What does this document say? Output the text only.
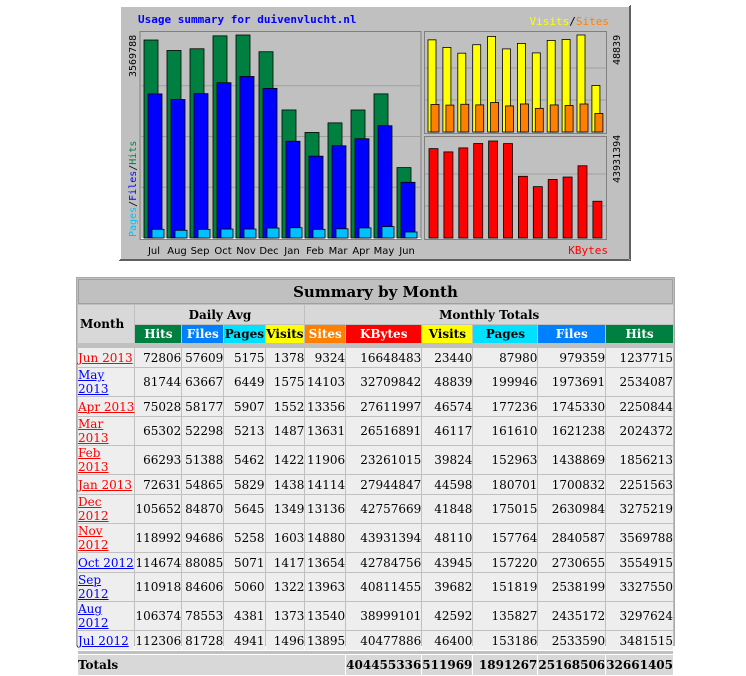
Usage summary for duivenvlucht.nl	Visits/Sites
Jul Aug Sep Oct Nov Dec Jan Feb Mar Apr May Jun
3569788
Pages/Files/Hits
48839
43931394
KBytes
Summary by Month										
Month	Daily Avg				Monthly Totals					
	Hits	Files	Pages	Visits	Sites	KBytes	Visits	Pages	Files	Hits

Jun 2013	72806	57609	5175	1378	9324	16648483	23440	87980	979359	1237715
May 2013	81744	63667	6449	1575	14103	32709842	48839	199946	1973691	2534087
Apr 2013	75028	58177	5907	1552	13356	27611997	46574	177236	1745330	2250844
Mar 2013	65302	52298	5213	1487	13631	26516891	46117	161610	1621238	2024372
Feb 2013	66293	51388	5462	1422	11906	23261015	39824	152963	1438869	1856213
Jan 2013	72631	54865	5829	1438	14114	27944847	44598	180701	1700832	2251563
Dec 2012	105652	84870	5645	1349	13136	42757669	41848	175015	2630984	3275219
Nov 2012	118992	94686	5258	1603	14880	43931394	48110	157764	2840587	3569788
Oct 2012	114674	88085	5071	1417	13654	42784756	43945	157220	2730655	3554915
Sep 2012	110918	84606	5060	1322	13963	40811455	39682	151819	2538199	3327550
Aug 2012	106374	78553	4381	1373	13540	38999101	42592	135827	2435172	3297624
Jul 2012	112306	81728	4941	1496	13895	40477886	46400	153186	2533590	3481515

Totals						404455336	511969	1891267	25168506	32661405
